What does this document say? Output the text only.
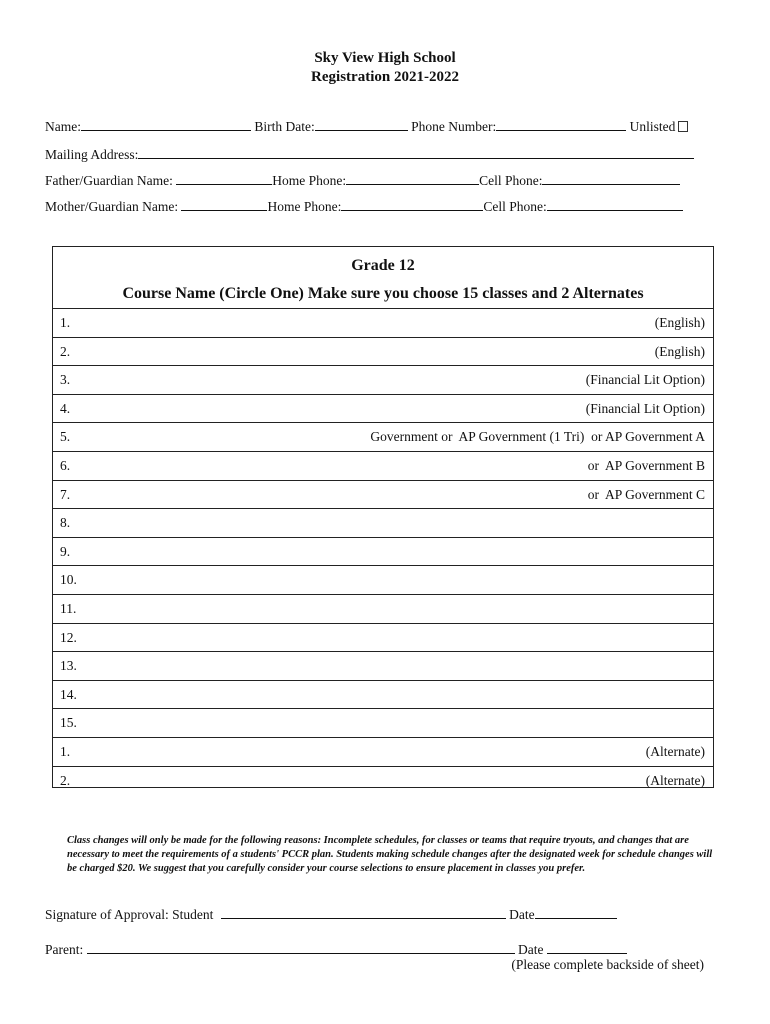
Sky View High School
Registration 2021-2022
Name:	Birth Date:	Phone Number:	Unlisted
Mailing Address:
Father/Guardian Name:	Home Phone:	Cell Phone:
Mother/Guardian Name:	Home Phone:	Cell Phone:
Grade 12
Course Name (Circle One) Make sure you choose 15 classes and 2 Alternates
1.	(English)
2.	(English)
3.	(Financial Lit Option)
4.	(Financial Lit Option)
5.	Government or  AP Government (1 Tri)  or AP Government A
6.	or  AP Government B
7.	or  AP Government C
8.
9.
10.
11.
12.
13.
14.
15.
1.	(Alternate)
2.	(Alternate)
Class changes will only be made for the following reasons: Incomplete schedules, for classes or teams that require tryouts, and changes that are necessary to meet the requirements of a students' PCCR plan. Students making schedule changes after the designated week for schedule changes will be charged $20. We suggest that you carefully consider your course selections to ensure placement in classes you prefer.
Signature of Approval: Student	Date
Parent:	Date
(Please complete backside of sheet)
